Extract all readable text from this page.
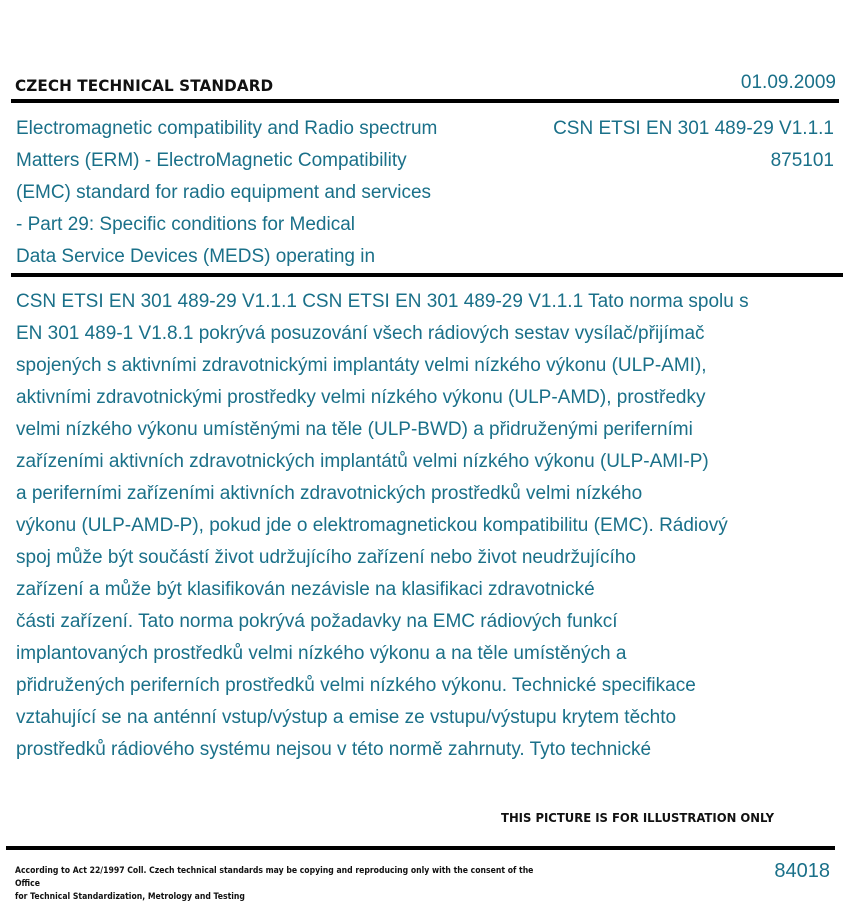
CZECH TECHNICAL STANDARD	01.09.2009
Electromagnetic compatibility and Radio spectrum
Matters (ERM) - ElectroMagnetic Compatibility
(EMC) standard for radio equipment and services
- Part 29: Specific conditions for Medical
Data Service Devices (MEDS) operating in
CSN ETSI EN 301 489-29 V1.1.1
875101
CSN ETSI EN 301 489-29 V1.1.1 CSN ETSI EN 301 489-29 V1.1.1 Tato norma spolu s
EN 301 489-1 V1.8.1 pokrývá posuzování všech rádiových sestav vysílač/přijímač
spojených s aktivními zdravotnickými implantáty velmi nízkého výkonu (ULP-AMI),
aktivními zdravotnickými prostředky velmi nízkého výkonu (ULP-AMD), prostředky
velmi nízkého výkonu umístěnými na těle (ULP-BWD) a přidruženými periferními
zařízeními aktivních zdravotnických implantátů velmi nízkého výkonu (ULP-AMI-P)
a periferními zařízeními aktivních zdravotnických prostředků velmi nízkého
výkonu (ULP-AMD-P), pokud jde o elektromagnetickou kompatibilitu (EMC). Rádiový
spoj může být součástí život udržujícího zařízení nebo život neudržujícího
zařízení a může být klasifikován nezávisle na klasifikaci zdravotnické
části zařízení. Tato norma pokrývá požadavky na EMC rádiových funkcí
implantovaných prostředků velmi nízkého výkonu a na těle umístěných a
přidružených periferních prostředků velmi nízkého výkonu. Technické specifikace
vztahující se na anténní vstup/výstup a emise ze vstupu/výstupu krytem těchto
prostředků rádiového systému nejsou v této normě zahrnuty. Tyto technické
THIS PICTURE IS FOR ILLUSTRATION ONLY
According to Act 22/1997 Coll. Czech technical standards may be copying and reproducing only with the consent of the Office
for Technical Standardization, Metrology and Testing
84018
